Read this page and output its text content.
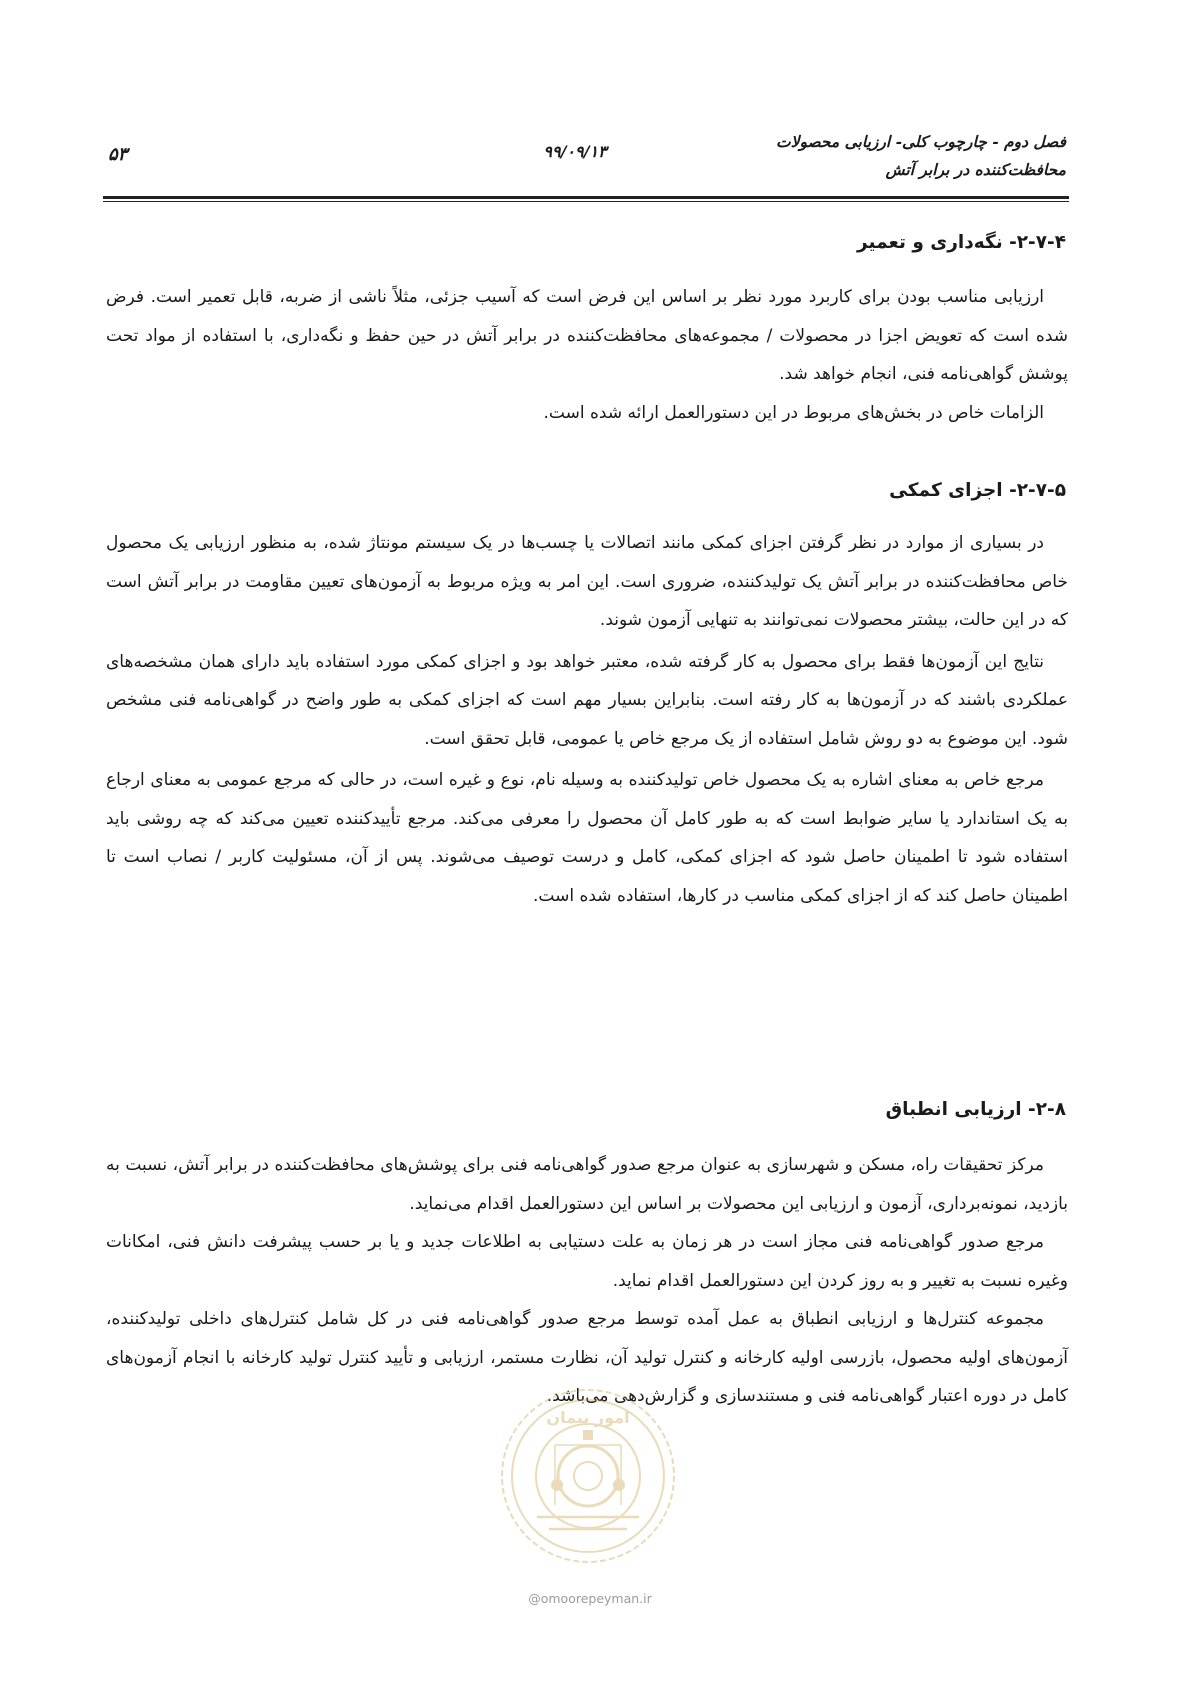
فصل دوم - چارچوب کلی- ارزیابی محصولات
محافظت‌کننده در برابر آتش
۹۹/۰۹/۱۳
۵۳
۲-۷-۴- نگه‌داری و تعمیر

ارزیابی مناسب بودن برای کاربرد مورد نظر بر اساس این فرض است که آسیب جزئی، مثلاً ناشی از ضربه، قابل تعمیر است. فرض شده است که تعویض اجزا در محصولات / مجموعه‌های محافظت‌کننده در برابر آتش در حین حفظ و نگه‌داری، با استفاده از مواد تحت پوشش گواهی‌نامه فنی، انجام خواهد شد.

الزامات خاص در بخش‌های مربوط در این دستورالعمل ارائه شده است.

۲-۷-۵- اجزای کمکی

در بسیاری از موارد در نظر گرفتن اجزای کمکی مانند اتصالات یا چسب‌ها در یک سیستم مونتاژ شده، به منظور ارزیابی یک محصول خاص محافظت‌کننده در برابر آتش یک تولیدکننده، ضروری است. این امر به ویژه مربوط به آزمون‌های تعیین مقاومت در برابر آتش است که در این حالت، بیشتر محصولات نمی‌توانند به تنهایی آزمون شوند.

نتایج این آزمون‌ها فقط برای محصول به کار گرفته شده، معتبر خواهد بود و اجزای کمکی مورد استفاده باید دارای همان مشخصه‌های عملکردی باشند که در آزمون‌ها به کار رفته است. بنابراین بسیار مهم است که اجزای کمکی به طور واضح در گواهی‌نامه فنی مشخص شود. این موضوع به دو روش شامل استفاده از یک مرجع خاص یا عمومی، قابل تحقق است.

مرجع خاص به معنای اشاره به یک محصول خاص تولیدکننده به وسیله نام، نوع و غیره است، در حالی که مرجع عمومی به معنای ارجاع به یک استاندارد یا سایر ضوابط است که به طور کامل آن محصول را معرفی می‌کند. مرجع تأییدکننده تعیین می‌کند که چه روشی باید استفاده شود تا اطمینان حاصل شود که اجزای کمکی، کامل و درست توصیف می‌شوند. پس از آن، مسئولیت کاربر / نصاب است تا اطمینان حاصل کند که از اجزای کمکی مناسب در کارها، استفاده شده است.

۲-۸- ارزیابی انطباق

مرکز تحقیقات راه، مسکن و شهرسازی به عنوان مرجع صدور گواهی‌نامه فنی برای پوشش‌های محافظت‌کننده در برابر آتش، نسبت به بازدید، نمونه‌برداری، آزمون و ارزیابی این محصولات بر اساس این دستورالعمل اقدام می‌نماید.

مرجع صدور گواهی‌نامه فنی مجاز است در هر زمان به علت دستیابی به اطلاعات جدید و یا بر حسب پیشرفت دانش فنی، امکانات وغیره نسبت به تغییر و به روز کردن این دستورالعمل اقدام نماید.

مجموعه کنترل‌ها و ارزیابی انطباق به عمل آمده توسط مرجع صدور گواهی‌نامه فنی در کل شامل کنترل‌های داخلی تولیدکننده، آزمون‌های اولیه محصول، بازرسی اولیه کارخانه و کنترل تولید آن، نظارت مستمر، ارزیابی و تأیید کنترل تولید کارخانه با انجام آزمون‌های کامل در دوره اعتبار گواهی‌نامه فنی و مستندسازی و گزارش‌دهی می‌باشد.

امور پیمان
@omoorepeyman.ir
